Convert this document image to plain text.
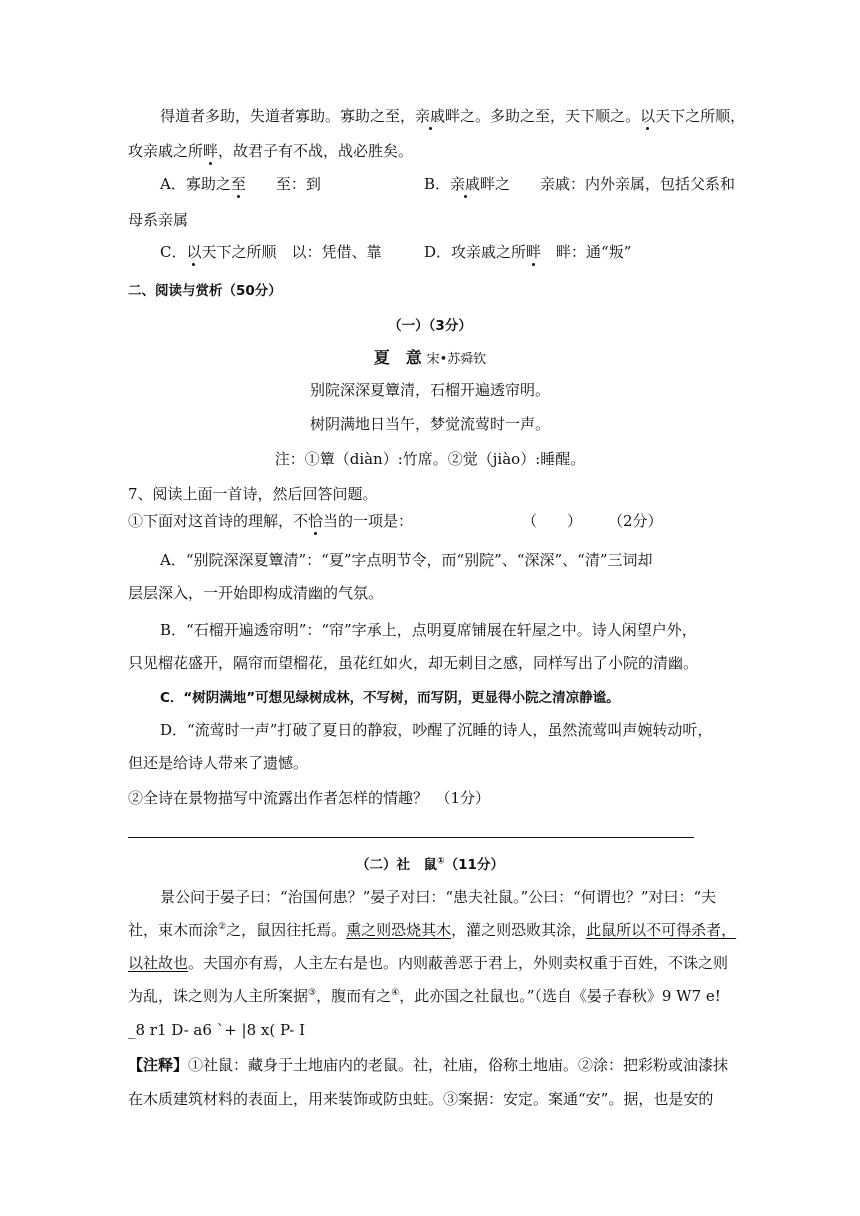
得道者多助，失道者寡助。寡助之至，亲戚畔之。多助之至，天下顺之。以天下之所顺，
攻亲戚之所畔，故君子有不战，战必胜矣。
A．寡助之至　　至：到	B．亲戚畔之　　亲戚：内外亲属，包括父系和
母系亲属
C．以天下之所顺　以：凭借、靠	D．攻亲戚之所畔　畔：通“叛”
二、阅读与赏析（50分）
（一）（3分）
夏　意 宋•苏舜钦
别院深深夏簟清，石榴开遍透帘明。
树阴满地日当午，梦觉流莺时一声。
注：①簟（diàn）:竹席。②觉（jiào）:睡醒。
7、阅读上面一首诗，然后回答问题。
①下面对这首诗的理解，不恰当的一项是：	（　　） （2分）
A．“别院深深夏簟清”：“夏”字点明节令，而“别院”、“深深”、“清”三词却
层层深入，一开始即构成清幽的气氛。
B．“石榴开遍透帘明”：“帘”字承上，点明夏席铺展在轩屋之中。诗人闲望户外，
只见榴花盛开，隔帘而望榴花，虽花红如火，却无刺目之感，同样写出了小院的清幽。
C．“树阴满地”可想见绿树成林，不写树，而写阴，更显得小院之清凉静谧。
D．“流莺时一声”打破了夏日的静寂，吵醒了沉睡的诗人，虽然流莺叫声婉转动听，
但还是给诗人带来了遗憾。
②全诗在景物描写中流露出作者怎样的情趣？　（1分）
（二）社　鼠①（11分）
景公问于晏子曰：“治国何患？”晏子对曰：“患夫社鼠。”公曰：“何谓也？”对曰：“夫
社，束木而涂②之，鼠因往托焉。熏之则恐烧其木，灌之则恐败其涂，此鼠所以不可得杀者，
以社故也。夫国亦有焉，人主左右是也。内则蔽善恶于君上，外则卖权重于百姓，不诛之则
为乱，诛之则为人主所案据③，腹而有之④，此亦国之社鼠也。”（选自《晏子春秋》9 W7 e!
_8 r1 D- a6 `+ |8 x( P- I
【注释】①社鼠：藏身于土地庙内的老鼠。社，社庙，俗称土地庙。②涂：把彩粉或油漆抹
在木质建筑材料的表面上，用来装饰或防虫蛀。③案据：安定。案通“安”。据，也是安的
